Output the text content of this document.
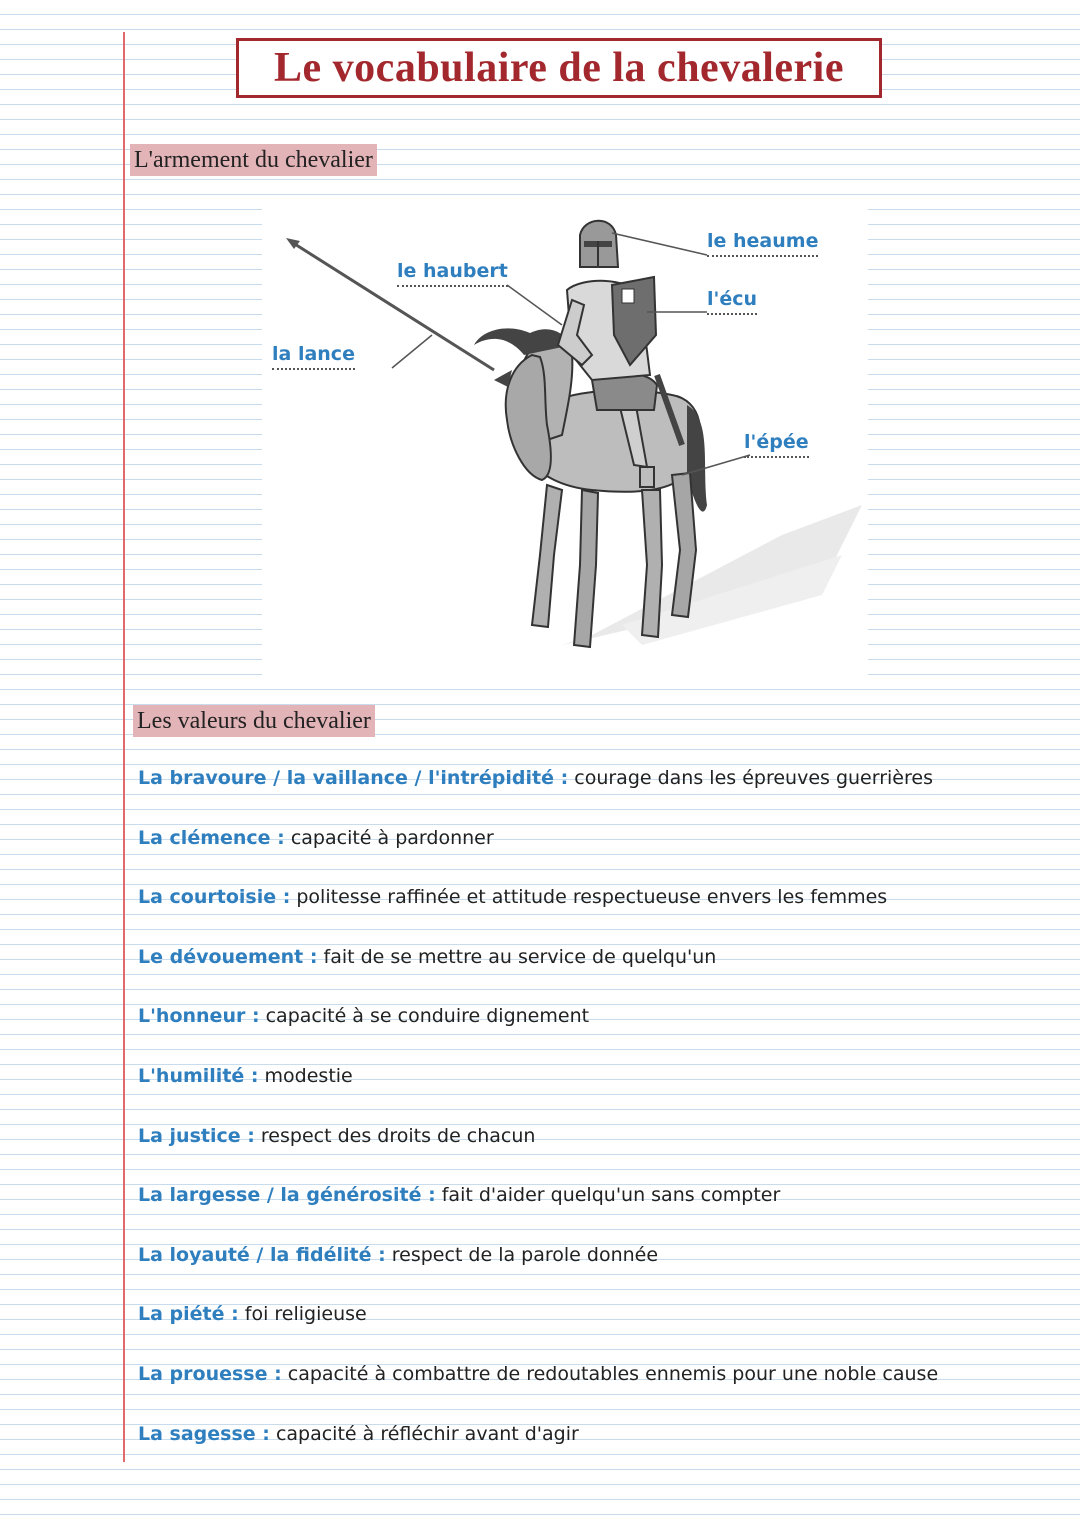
Le vocabulaire de la chevalerie
L'armement du chevalier
le heaume
le haubert
l'écu
la lance
l'épée
Les valeurs du chevalier
La bravoure / la vaillance / l'intrépidité : courage dans les épreuves guerrières
La clémence : capacité à pardonner
La courtoisie : politesse raffinée et attitude respectueuse envers les femmes
Le dévouement : fait de se mettre au service de quelqu'un
L'honneur : capacité à se conduire dignement
L'humilité : modestie
La justice : respect des droits de chacun
La largesse / la générosité : fait d'aider quelqu'un sans compter
La loyauté / la fidélité : respect de la parole donnée
La piété : foi religieuse
La prouesse : capacité à combattre de redoutables ennemis pour une noble cause
La sagesse : capacité à réfléchir avant d'agir
